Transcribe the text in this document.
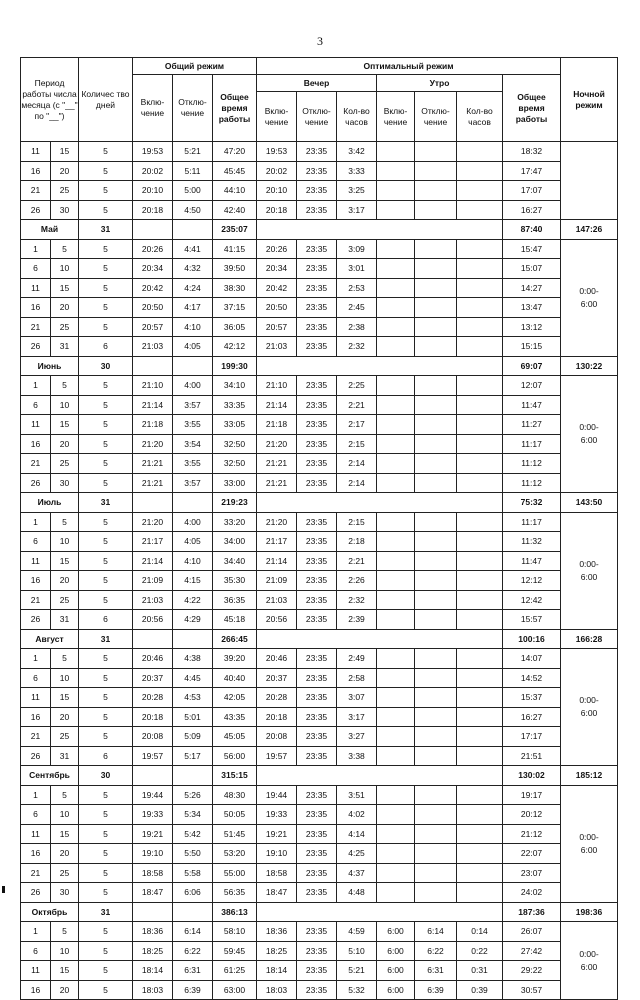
3
Период работы числа месяца (с "__" по "__")		Количес тво дней	Общий режим			Оптимальный режим							Ночной режим
			Вклю-чение	Отклю-чение	Общее время работы	Вечер			Утро			Общее время работы	
						Вклю-чение	Отклю-чение	Кол-во часов	Вклю-чение	Отклю-чение	Кол-во часов		
11	15	5	19:53	5:21	47:20	19:53	23:35	3:42				18:32	
16	20	5	20:02	5:11	45:45	20:02	23:35	3:33				17:47	
21	25	5	20:10	5:00	44:10	20:10	23:35	3:25				17:07	
26	30	5	20:18	4:50	42:40	20:18	23:35	3:17				16:27	
Май		31			235:07							87:40	147:26
1	5	5	20:26	4:41	41:15	20:26	23:35	3:09				15:47	0:00-
6:00
6	10	5	20:34	4:32	39:50	20:34	23:35	3:01				15:07	
11	15	5	20:42	4:24	38:30	20:42	23:35	2:53				14:27	
16	20	5	20:50	4:17	37:15	20:50	23:35	2:45				13:47	
21	25	5	20:57	4:10	36:05	20:57	23:35	2:38				13:12	
26	31	6	21:03	4:05	42:12	21:03	23:35	2:32				15:15	
Июнь		30			199:30							69:07	130:22
1	5	5	21:10	4:00	34:10	21:10	23:35	2:25				12:07	0:00-
6:00
6	10	5	21:14	3:57	33:35	21:14	23:35	2:21				11:47	
11	15	5	21:18	3:55	33:05	21:18	23:35	2:17				11:27	
16	20	5	21:20	3:54	32:50	21:20	23:35	2:15				11:17	
21	25	5	21:21	3:55	32:50	21:21	23:35	2:14				11:12	
26	30	5	21:21	3:57	33:00	21:21	23:35	2:14				11:12	
Июль		31			219:23							75:32	143:50
1	5	5	21:20	4:00	33:20	21:20	23:35	2:15				11:17	0:00-
6:00
6	10	5	21:17	4:05	34:00	21:17	23:35	2:18				11:32	
11	15	5	21:14	4:10	34:40	21:14	23:35	2:21				11:47	
16	20	5	21:09	4:15	35:30	21:09	23:35	2:26				12:12	
21	25	5	21:03	4:22	36:35	21:03	23:35	2:32				12:42	
26	31	6	20:56	4:29	45:18	20:56	23:35	2:39				15:57	
Август		31			266:45							100:16	166:28
1	5	5	20:46	4:38	39:20	20:46	23:35	2:49				14:07	0:00-
6:00
6	10	5	20:37	4:45	40:40	20:37	23:35	2:58				14:52	
11	15	5	20:28	4:53	42:05	20:28	23:35	3:07				15:37	
16	20	5	20:18	5:01	43:35	20:18	23:35	3:17				16:27	
21	25	5	20:08	5:09	45:05	20:08	23:35	3:27				17:17	
26	31	6	19:57	5:17	56:00	19:57	23:35	3:38				21:51	
Сентябрь		30			315:15							130:02	185:12
1	5	5	19:44	5:26	48:30	19:44	23:35	3:51				19:17	0:00-
6:00
6	10	5	19:33	5:34	50:05	19:33	23:35	4:02				20:12	
11	15	5	19:21	5:42	51:45	19:21	23:35	4:14				21:12	
16	20	5	19:10	5:50	53:20	19:10	23:35	4:25				22:07	
21	25	5	18:58	5:58	55:00	18:58	23:35	4:37				23:07	
26	30	5	18:47	6:06	56:35	18:47	23:35	4:48				24:02	
Октябрь		31			386:13							187:36	198:36
1	5	5	18:36	6:14	58:10	18:36	23:35	4:59	6:00	6:14	0:14	26:07	0:00-
6:00
6	10	5	18:25	6:22	59:45	18:25	23:35	5:10	6:00	6:22	0:22	27:42	
11	15	5	18:14	6:31	61:25	18:14	23:35	5:21	6:00	6:31	0:31	29:22	
16	20	5	18:03	6:39	63:00	18:03	23:35	5:32	6:00	6:39	0:39	30:57	
